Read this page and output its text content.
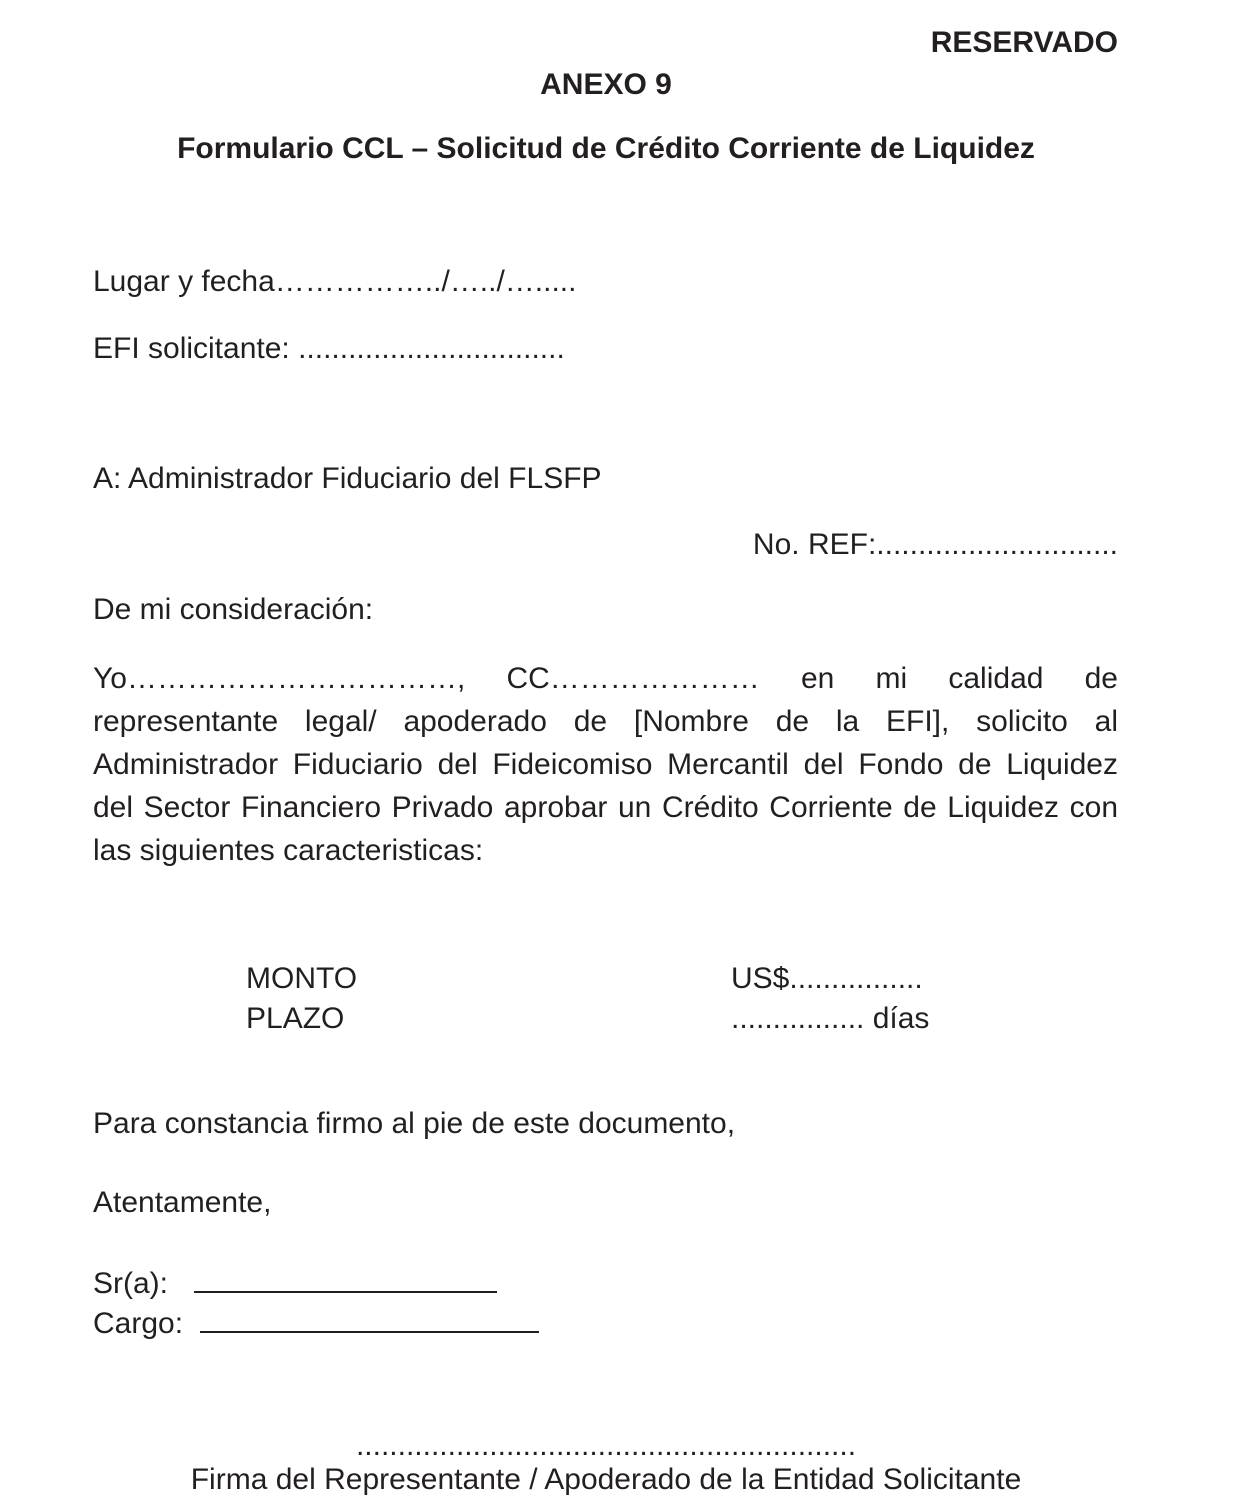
RESERVADO
ANEXO 9
Formulario CCL – Solicitud de Crédito Corriente de Liquidez
Lugar y fecha……………../…../….....
EFI solicitante: ................................
A: Administrador Fiduciario del FLSFP
No. REF:.............................
De mi consideración:
Yo……………………………, CC………………… en mi calidad de
representante legal/ apoderado de [Nombre de la EFI], solicito al
Administrador Fiduciario del Fideicomiso Mercantil del Fondo de Liquidez
del Sector Financiero Privado aprobar un Crédito Corriente de Liquidez con
las siguientes caracteristicas:
MONTO	US$................
PLAZO	................ días
Para constancia firmo al pie de este documento,
Atentamente,
Sr(a):
Cargo:
............................................................
Firma del Representante / Apoderado de la Entidad Solicitante
